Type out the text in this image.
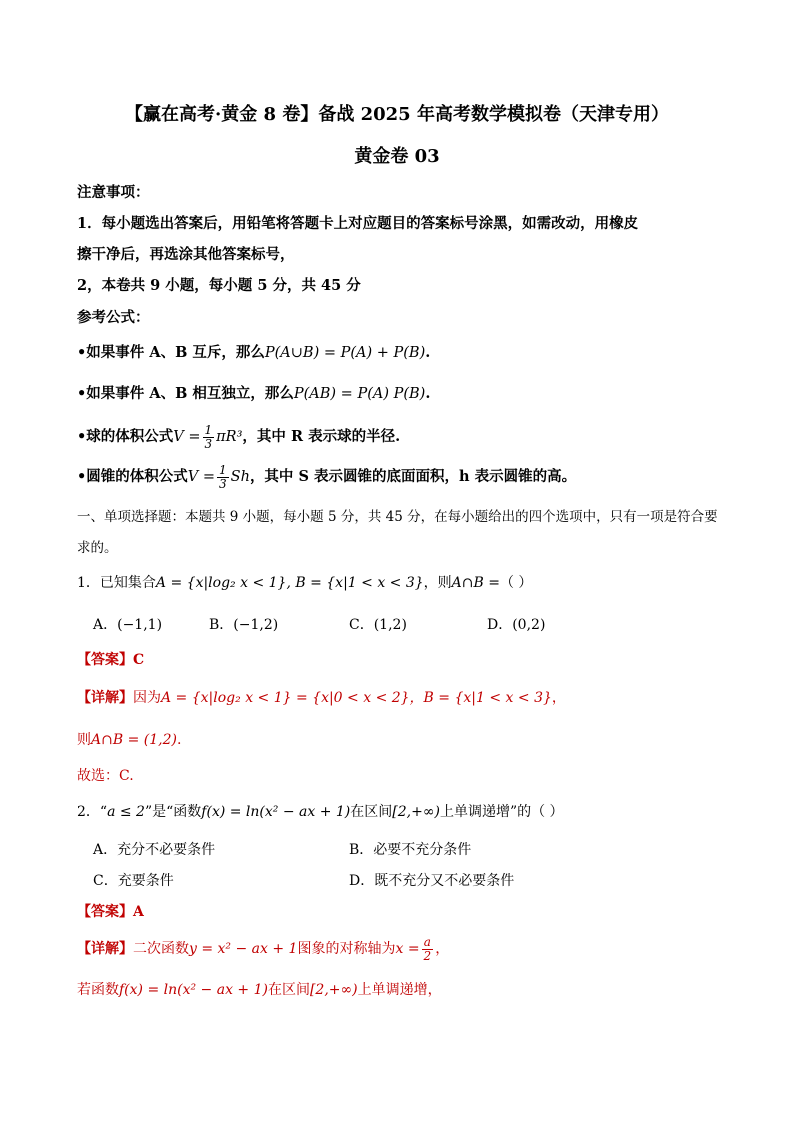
【赢在高考·黄金 8 卷】备战 2025 年高考数学模拟卷（天津专用）
黄金卷 03
注意事项：
1．每小题选出答案后，用铅笔将答题卡上对应题目的答案标号涂黑，如需改动，用橡皮
擦干净后，再选涂其他答案标号，
2，本卷共 9 小题，每小题 5 分，共 45 分
参考公式：
•如果事件 A、B 互斥，那么P(A∪B) = P(A) + P(B).
•如果事件 A、B 相互独立，那么P(AB) = P(A) P(B).
•球的体积公式$V = \frac{1}{3} \pi R^3$，其中 R 表示球的半径.
•圆锥的体积公式$V = \frac{1}{3}$ Sh，其中 S 表示圆锥的底面面积，h 表示圆锥的高。
一、单项选择题：本题共 9 小题，每小题 5 分，共 45 分，在每小题给出的四个选项中，只有一项是符合要
求的。
1．已知集合A = {x|log₂ x < 1}, B = {x|1 < x < 3}，则A∩B =（ ）
A．(−1,1)	B．(−1,2)	C．(1,2)	D．(0,2)
【答案】C
【详解】因为A = {x|log₂ x < 1} = {x|0 < x < 2}，B = {x|1 < x < 3}，
则A∩B = (1,2).
故选：C.
2．“a ≤ 2”是“函数f(x) = ln(x² − ax + 1)在区间[2,+∞)上单调递增”的（ ）
A．充分不必要条件	B．必要不充分条件
C．充要条件	D．既不充分又不必要条件
【答案】A
【详解】二次函数y = x² − ax + 1图象的对称轴为$x = \frac{a}{2}$ ，
若函数f(x) = ln(x² − ax + 1)在区间[2,+∞)上单调递增，
